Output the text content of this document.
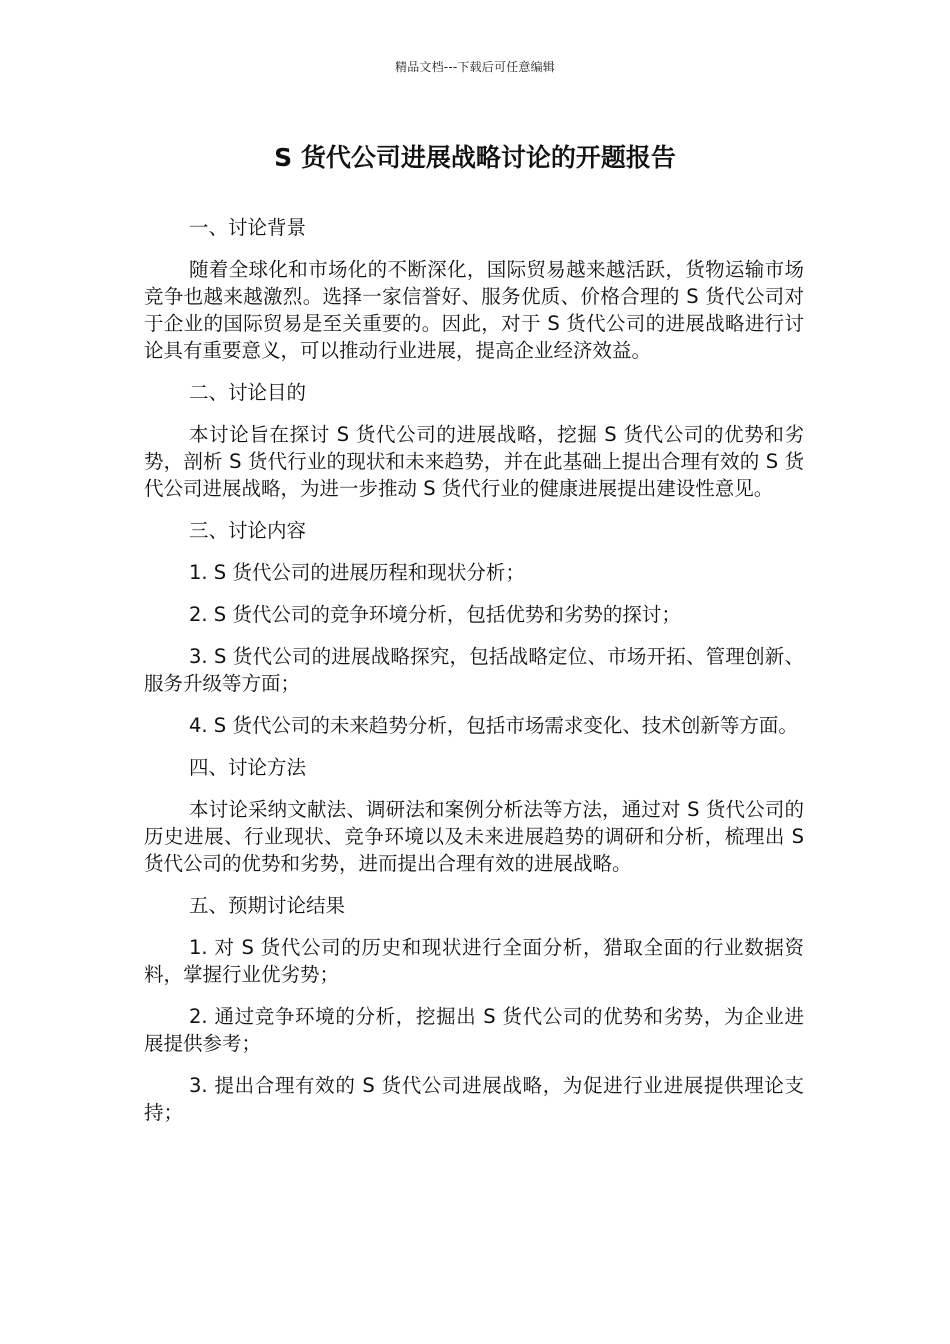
精品文档---下载后可任意编辑
S 货代公司进展战略讨论的开题报告

一、讨论背景

随着全球化和市场化的不断深化，国际贸易越来越活跃，货物运输市场竞争也越来越激烈。选择一家信誉好、服务优质、价格合理的 S 货代公司对于企业的国际贸易是至关重要的。因此，对于 S 货代公司的进展战略进行讨论具有重要意义，可以推动行业进展，提高企业经济效益。

二、讨论目的

本讨论旨在探讨 S 货代公司的进展战略，挖掘 S 货代公司的优势和劣势，剖析 S 货代行业的现状和未来趋势，并在此基础上提出合理有效的 S 货代公司进展战略，为进一步推动 S 货代行业的健康进展提出建设性意见。

三、讨论内容

1. S 货代公司的进展历程和现状分析；

2. S 货代公司的竞争环境分析，包括优势和劣势的探讨；

3. S 货代公司的进展战略探究，包括战略定位、市场开拓、管理创新、服务升级等方面；

4. S 货代公司的未来趋势分析，包括市场需求变化、技术创新等方面。

四、讨论方法

本讨论采纳文献法、调研法和案例分析法等方法，通过对 S 货代公司的历史进展、行业现状、竞争环境以及未来进展趋势的调研和分析，梳理出 S 货代公司的优势和劣势，进而提出合理有效的进展战略。

五、预期讨论结果

1. 对 S 货代公司的历史和现状进行全面分析，猎取全面的行业数据资料，掌握行业优劣势；

2. 通过竞争环境的分析，挖掘出 S 货代公司的优势和劣势，为企业进展提供参考；

3. 提出合理有效的 S 货代公司进展战略，为促进行业进展提供理论支持；
